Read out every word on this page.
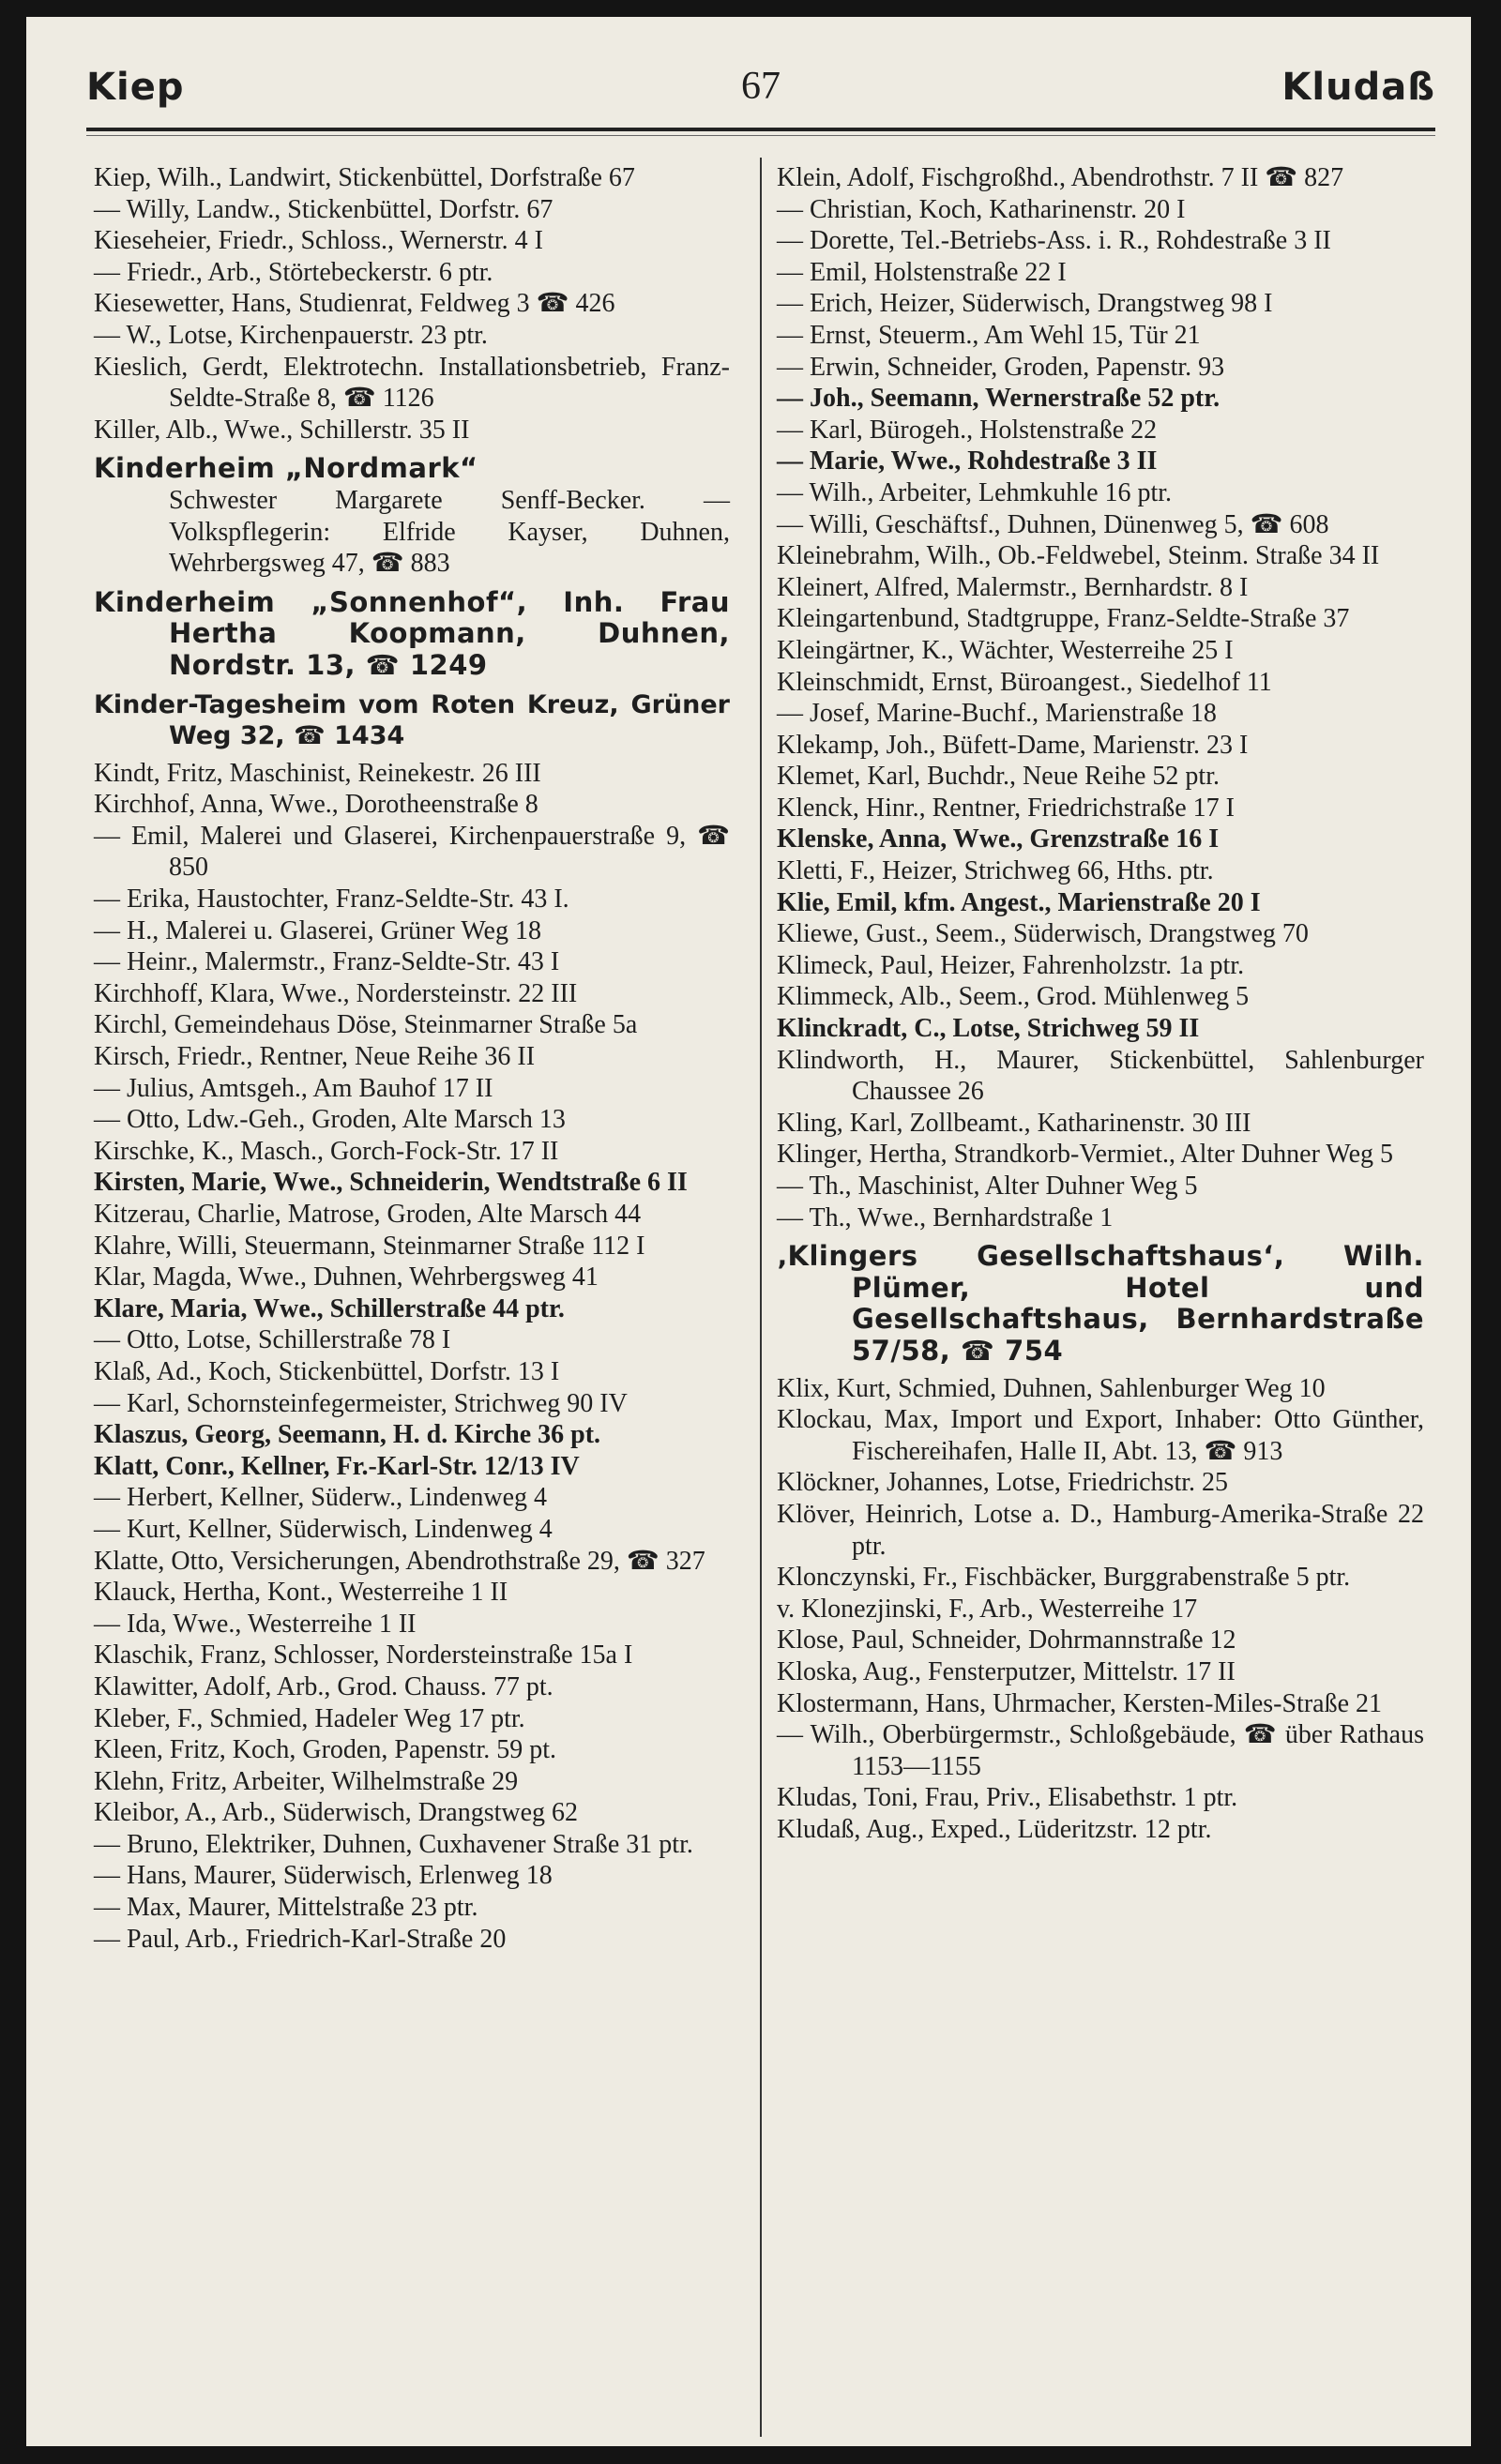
Kiep	67	Kludaß
Kiep, Wilh., Landwirt, Stickenbüttel, Dorfstraße 67
— Willy, Landw., Stickenbüttel, Dorfstr. 67
Kieseheier, Friedr., Schloss., Wernerstr. 4 I
— Friedr., Arb., Störtebeckerstr. 6 ptr.
Kiesewetter, Hans, Studienrat, Feldweg 3 ☎ 426
— W., Lotse, Kirchenpauerstr. 23 ptr.
Kieslich, Gerdt, Elektrotechn. Installationsbetrieb, Franz-Seldte-Straße 8, ☎ 1126
Killer, Alb., Wwe., Schillerstr. 35 II
Kinderheim „Nordmark“
Schwester Margarete Senff-Becker. — Volkspflegerin: Elfride Kayser, Duhnen, Wehrbergsweg 47, ☎ 883
Kinderheim „Sonnenhof“, Inh. Frau Hertha Koopmann, Duhnen, Nordstr. 13, ☎ 1249
Kinder-Tagesheim vom Roten Kreuz, Grüner Weg 32, ☎ 1434
Kindt, Fritz, Maschinist, Reinekestr. 26 III
Kirchhof, Anna, Wwe., Dorotheenstraße 8
— Emil, Malerei und Glaserei, Kirchenpauerstraße 9, ☎ 850
— Erika, Haustochter, Franz-Seldte-Str. 43 I.
— H., Malerei u. Glaserei, Grüner Weg 18
— Heinr., Malermstr., Franz-Seldte-Str. 43 I
Kirchhoff, Klara, Wwe., Nordersteinstr. 22 III
Kirchl, Gemeindehaus Döse, Steinmarner Straße 5a
Kirsch, Friedr., Rentner, Neue Reihe 36 II
— Julius, Amtsgeh., Am Bauhof 17 II
— Otto, Ldw.-Geh., Groden, Alte Marsch 13
Kirschke, K., Masch., Gorch-Fock-Str. 17 II
Kirsten, Marie, Wwe., Schneiderin, Wendtstraße 6 II
Kitzerau, Charlie, Matrose, Groden, Alte Marsch 44
Klahre, Willi, Steuermann, Steinmarner Straße 112 I
Klar, Magda, Wwe., Duhnen, Wehrbergsweg 41
Klare, Maria, Wwe., Schillerstraße 44 ptr.
— Otto, Lotse, Schillerstraße 78 I
Klaß, Ad., Koch, Stickenbüttel, Dorfstr. 13 I
— Karl, Schornsteinfegermeister, Strichweg 90 IV
Klaszus, Georg, Seemann, H. d. Kirche 36 pt.
Klatt, Conr., Kellner, Fr.-Karl-Str. 12/13 IV
— Herbert, Kellner, Süderw., Lindenweg 4
— Kurt, Kellner, Süderwisch, Lindenweg 4
Klatte, Otto, Versicherungen, Abendrothstraße 29, ☎ 327
Klauck, Hertha, Kont., Westerreihe 1 II
— Ida, Wwe., Westerreihe 1 II
Klaschik, Franz, Schlosser, Nordersteinstraße 15a I
Klawitter, Adolf, Arb., Grod. Chauss. 77 pt.
Kleber, F., Schmied, Hadeler Weg 17 ptr.
Kleen, Fritz, Koch, Groden, Papenstr. 59 pt.
Klehn, Fritz, Arbeiter, Wilhelmstraße 29
Kleibor, A., Arb., Süderwisch, Drangstweg 62
— Bruno, Elektriker, Duhnen, Cuxhavener Straße 31 ptr.
— Hans, Maurer, Süderwisch, Erlenweg 18
— Max, Maurer, Mittelstraße 23 ptr.
— Paul, Arb., Friedrich-Karl-Straße 20
Klein, Adolf, Fischgroßhd., Abendrothstr. 7 II ☎ 827
— Christian, Koch, Katharinenstr. 20 I
— Dorette, Tel.-Betriebs-Ass. i. R., Rohdestraße 3 II
— Emil, Holstenstraße 22 I
— Erich, Heizer, Süderwisch, Drangstweg 98 I
— Ernst, Steuerm., Am Wehl 15, Tür 21
— Erwin, Schneider, Groden, Papenstr. 93
— Joh., Seemann, Wernerstraße 52 ptr.
— Karl, Bürogeh., Holstenstraße 22
— Marie, Wwe., Rohdestraße 3 II
— Wilh., Arbeiter, Lehmkuhle 16 ptr.
— Willi, Geschäftsf., Duhnen, Dünenweg 5, ☎ 608
Kleinebrahm, Wilh., Ob.-Feldwebel, Steinm. Straße 34 II
Kleinert, Alfred, Malermstr., Bernhardstr. 8 I
Kleingartenbund, Stadtgruppe, Franz-Seldte-Straße 37
Kleingärtner, K., Wächter, Westerreihe 25 I
Kleinschmidt, Ernst, Büroangest., Siedelhof 11
— Josef, Marine-Buchf., Marienstraße 18
Klekamp, Joh., Büfett-Dame, Marienstr. 23 I
Klemet, Karl, Buchdr., Neue Reihe 52 ptr.
Klenck, Hinr., Rentner, Friedrichstraße 17 I
Klenske, Anna, Wwe., Grenzstraße 16 I
Kletti, F., Heizer, Strichweg 66, Hths. ptr.
Klie, Emil, kfm. Angest., Marienstraße 20 I
Kliewe, Gust., Seem., Süderwisch, Drangstweg 70
Klimeck, Paul, Heizer, Fahrenholzstr. 1a ptr.
Klimmeck, Alb., Seem., Grod. Mühlenweg 5
Klinckradt, C., Lotse, Strichweg 59 II
Klindworth, H., Maurer, Stickenbüttel, Sahlenburger Chaussee 26
Kling, Karl, Zollbeamt., Katharinenstr. 30 III
Klinger, Hertha, Strandkorb-Vermiet., Alter Duhner Weg 5
— Th., Maschinist, Alter Duhner Weg 5
— Th., Wwe., Bernhardstraße 1
‚Klingers Gesellschaftshaus‘, Wilh. Plümer, Hotel und Gesellschaftshaus, Bernhardstraße 57/58, ☎ 754
Klix, Kurt, Schmied, Duhnen, Sahlenburger Weg 10
Klockau, Max, Import und Export, Inhaber: Otto Günther, Fischereihafen, Halle II, Abt. 13, ☎ 913
Klöckner, Johannes, Lotse, Friedrichstr. 25
Klöver, Heinrich, Lotse a. D., Hamburg-Amerika-Straße 22 ptr.
Klonczynski, Fr., Fischbäcker, Burggrabenstraße 5 ptr.
v. Klonezjinski, F., Arb., Westerreihe 17
Klose, Paul, Schneider, Dohrmannstraße 12
Kloska, Aug., Fensterputzer, Mittelstr. 17 II
Klostermann, Hans, Uhrmacher, Kersten-Miles-Straße 21
— Wilh., Oberbürgermstr., Schloßgebäude, ☎ über Rathaus 1153—1155
Kludas, Toni, Frau, Priv., Elisabethstr. 1 ptr.
Kludaß, Aug., Exped., Lüderitzstr. 12 ptr.
